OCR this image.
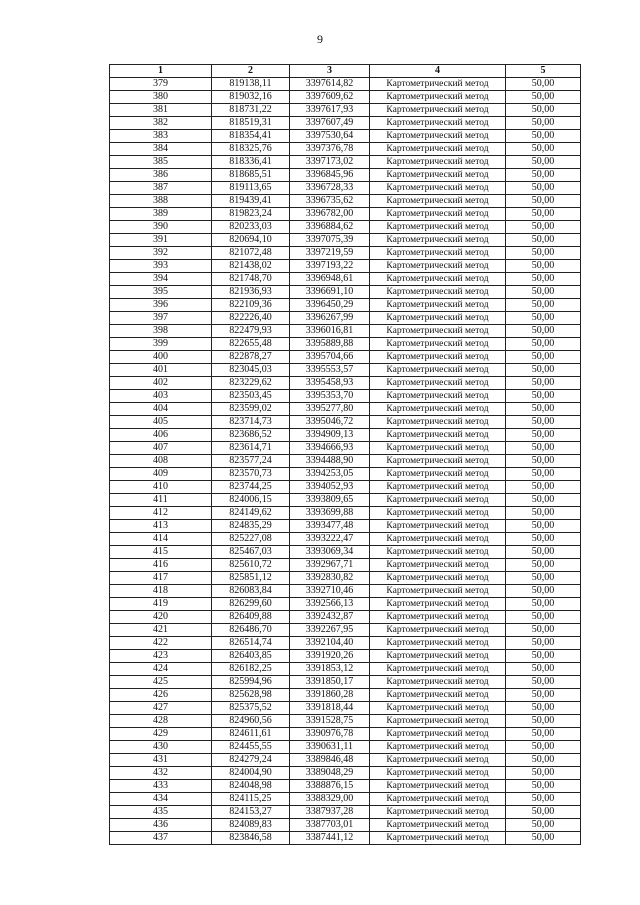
9
1	2	3	4	5
379	819138,11	3397614,82	Картометрический метод	50,00
380	819032,16	3397609,62	Картометрический метод	50,00
381	818731,22	3397617,93	Картометрический метод	50,00
382	818519,31	3397607,49	Картометрический метод	50,00
383	818354,41	3397530,64	Картометрический метод	50,00
384	818325,76	3397376,78	Картометрический метод	50,00
385	818336,41	3397173,02	Картометрический метод	50,00
386	818685,51	3396845,96	Картометрический метод	50,00
387	819113,65	3396728,33	Картометрический метод	50,00
388	819439,41	3396735,62	Картометрический метод	50,00
389	819823,24	3396782,00	Картометрический метод	50,00
390	820233,03	3396884,62	Картометрический метод	50,00
391	820694,10	3397075,39	Картометрический метод	50,00
392	821072,48	3397219,59	Картометрический метод	50,00
393	821438,02	3397193,22	Картометрический метод	50,00
394	821748,70	3396948,61	Картометрический метод	50,00
395	821936,93	3396691,10	Картометрический метод	50,00
396	822109,36	3396450,29	Картометрический метод	50,00
397	822226,40	3396267,99	Картометрический метод	50,00
398	822479,93	3396016,81	Картометрический метод	50,00
399	822655,48	3395889,88	Картометрический метод	50,00
400	822878,27	3395704,66	Картометрический метод	50,00
401	823045,03	3395553,57	Картометрический метод	50,00
402	823229,62	3395458,93	Картометрический метод	50,00
403	823503,45	3395353,70	Картометрический метод	50,00
404	823599,02	3395277,80	Картометрический метод	50,00
405	823714,73	3395046,72	Картометрический метод	50,00
406	823686,52	3394909,13	Картометрический метод	50,00
407	823614,71	3394666,93	Картометрический метод	50,00
408	823577,24	3394488,90	Картометрический метод	50,00
409	823570,73	3394253,05	Картометрический метод	50,00
410	823744,25	3394052,93	Картометрический метод	50,00
411	824006,15	3393809,65	Картометрический метод	50,00
412	824149,62	3393699,88	Картометрический метод	50,00
413	824835,29	3393477,48	Картометрический метод	50,00
414	825227,08	3393222,47	Картометрический метод	50,00
415	825467,03	3393069,34	Картометрический метод	50,00
416	825610,72	3392967,71	Картометрический метод	50,00
417	825851,12	3392830,82	Картометрический метод	50,00
418	826083,84	3392710,46	Картометрический метод	50,00
419	826299,60	3392566,13	Картометрический метод	50,00
420	826409,88	3392432,87	Картометрический метод	50,00
421	826486,70	3392267,95	Картометрический метод	50,00
422	826514,74	3392104,40	Картометрический метод	50,00
423	826403,85	3391920,26	Картометрический метод	50,00
424	826182,25	3391853,12	Картометрический метод	50,00
425	825994,96	3391850,17	Картометрический метод	50,00
426	825628,98	3391860,28	Картометрический метод	50,00
427	825375,52	3391818,44	Картометрический метод	50,00
428	824960,56	3391528,75	Картометрический метод	50,00
429	824611,61	3390976,78	Картометрический метод	50,00
430	824455,55	3390631,11	Картометрический метод	50,00
431	824279,24	3389846,48	Картометрический метод	50,00
432	824004,90	3389048,29	Картометрический метод	50,00
433	824048,98	3388876,15	Картометрический метод	50,00
434	824115,25	3388329,00	Картометрический метод	50,00
435	824153,27	3387937,28	Картометрический метод	50,00
436	824089,83	3387703,01	Картометрический метод	50,00
437	823846,58	3387441,12	Картометрический метод	50,00
